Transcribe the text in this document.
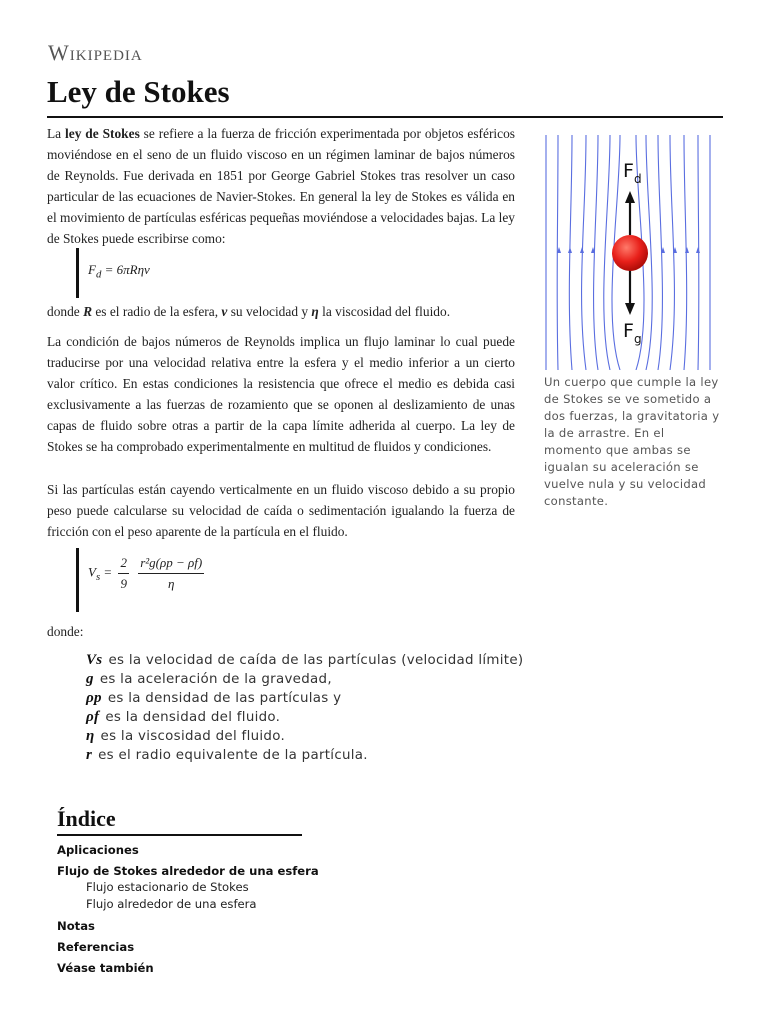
Wikipedia
Ley de Stokes
La ley de Stokes se refiere a la fuerza de fricción experimentada por objetos esféricos moviéndose en el seno de un fluido viscoso en un régimen laminar de bajos números de Reynolds. Fue derivada en 1851 por George Gabriel Stokes tras resolver un caso particular de las ecuaciones de Navier-Stokes. En general la ley de Stokes es válida en el movimiento de partículas esféricas pequeñas moviéndose a velocidades bajas. La ley de Stokes puede escribirse como:
$F_d = 6\pi R\eta v$
donde R es el radio de la esfera, v su velocidad y η la viscosidad del fluido.
La condición de bajos números de Reynolds implica un flujo laminar lo cual puede traducirse por una velocidad relativa entre la esfera y el medio inferior a un cierto valor crítico. En estas condiciones la resistencia que ofrece el medio es debida casi exclusivamente a las fuerzas de rozamiento que se oponen al deslizamiento de unas capas de fluido sobre otras a partir de la capa límite adherida al cuerpo. La ley de Stokes se ha comprobado experimentalmente en multitud de fluidos y condiciones.
Si las partículas están cayendo verticalmente en un fluido viscoso debido a su propio peso puede calcularse su velocidad de caída o sedimentación igualando la fuerza de fricción con el peso aparente de la partícula en el fluido.
$V_s = \frac{2}{9}$
$\frac{\text{r²g(ρp − ρf)}}{\eta}$
donde:
Vs es la velocidad de caída de las partículas (velocidad límite)
g es la aceleración de la gravedad,
ρp es la densidad de las partículas y
ρf es la densidad del fluido.
η es la viscosidad del fluido.
r es el radio equivalente de la partícula.
$F_d$
$F_g$
Un cuerpo que cumple la ley de Stokes se ve sometido a dos fuerzas, la gravitatoria y la de arrastre. En el momento que ambas se igualan su aceleración se vuelve nula y su velocidad constante.
Índice
Aplicaciones
Flujo de Stokes alrededor de una esfera
Flujo estacionario de Stokes
Flujo alrededor de una esfera
Notas
Referencias
Véase también
